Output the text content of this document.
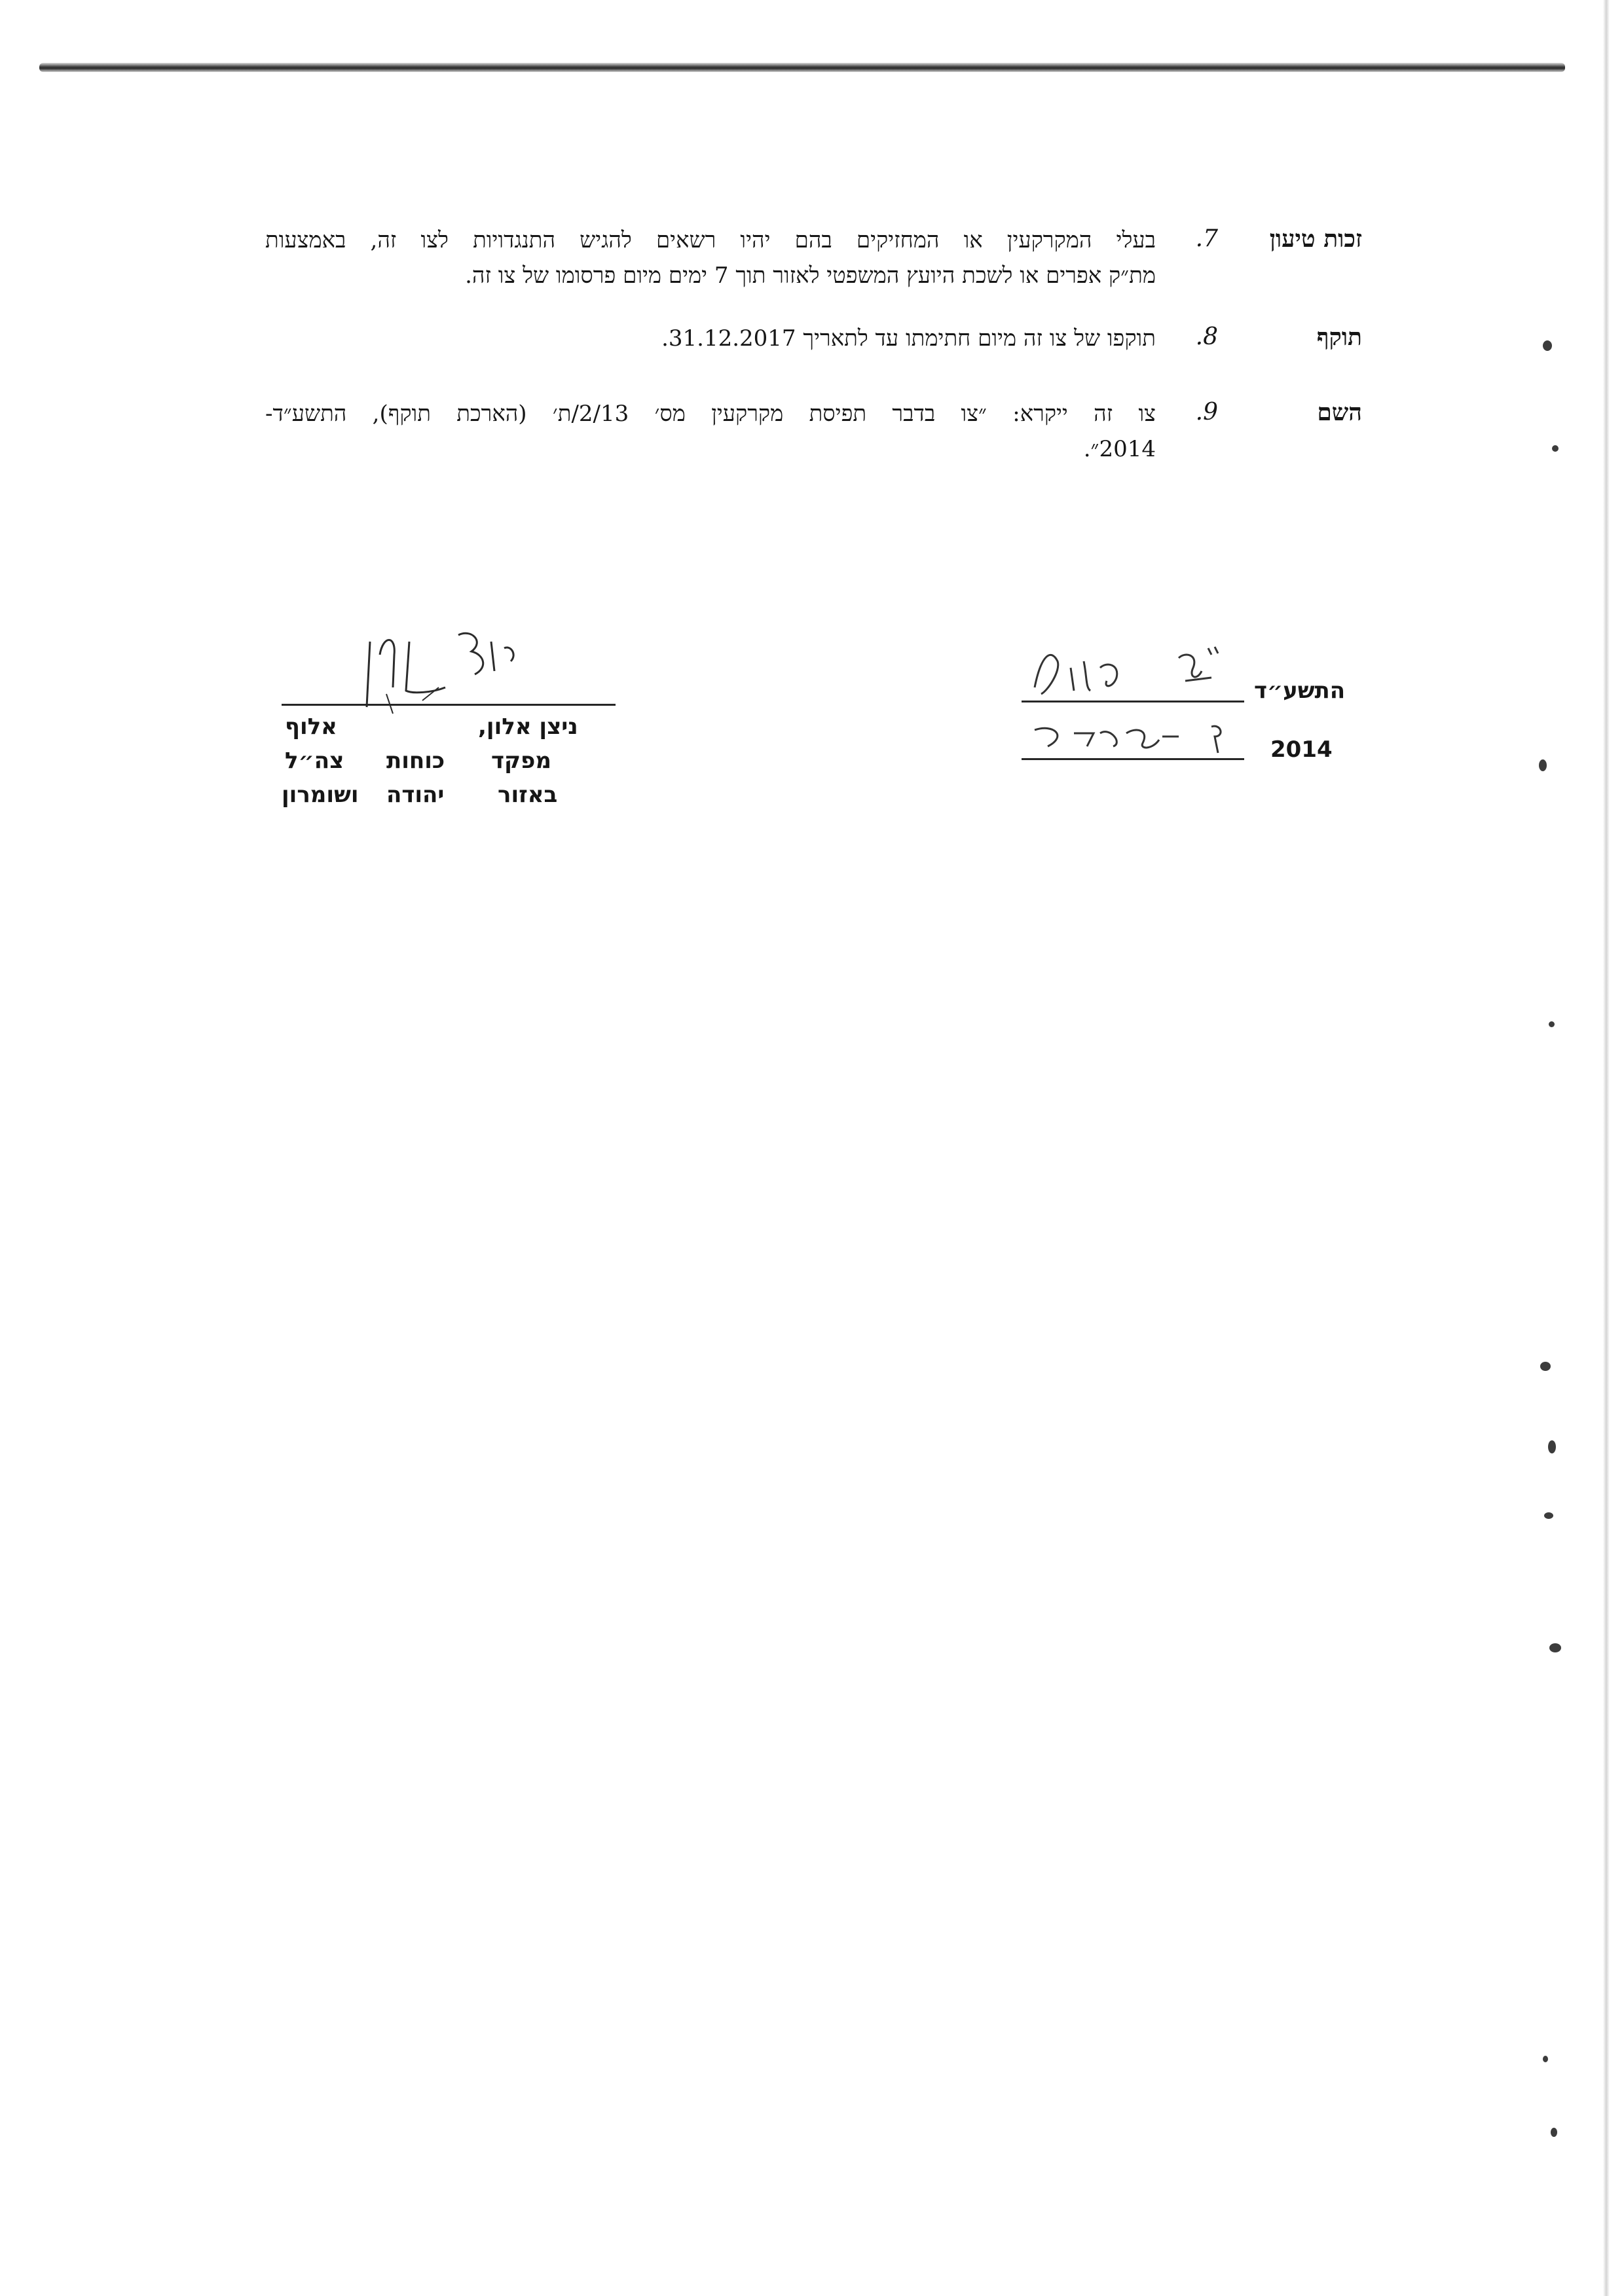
זכות טיעון
7.
בעלי המקרקעין או המחזיקים בהם יהיו רשאים להגיש התנגדויות לצו זה, באמצעות
מת״ק אפרים או לשכת היועץ המשפטי לאזור תוך 7 ימים מיום פרסומו של צו זה.
תוקף
8.
תוקפו של צו זה מיום חתימתו עד לתאריך 31.12.2017.
השם
9.
צו זה ייקרא: ״צו בדבר תפיסת מקרקעין מס׳ 2/13/ת׳ (הארכת תוקף), התשע״ד-
2014״.
התשע״ד
2014
ניצן אלון,
אלוף
מפקד
כוחות
צה״ל
באזור
יהודה
ושומרון
